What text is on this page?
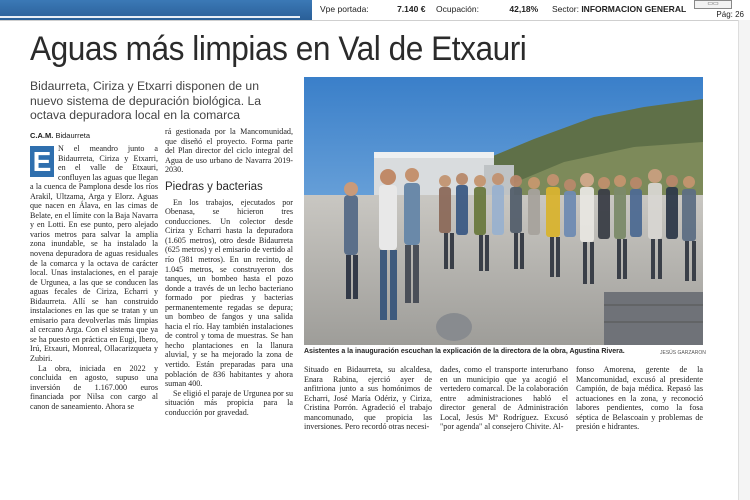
Vpe portada:	7.140 € Ocupación:	42,18% Sector: INFORMACION GENERAL	▭▭
Pág: 26
Aguas más limpias en Val de Etxauri
Bidaurreta, Ciriza y Etxarri disponen de un nuevo sistema de depuración biológica. La octava depuradora local en la comarca
C.A.M. Bidaurreta
E N el meandro junto a Bidaurreta, Ciriza y Etxarri, en el valle de Etxauri, confluyen las aguas que llegan a la cuenca de Pamplona desde los ríos Arakil, Ultzama, Arga y Elorz. Aguas que nacen en Álava, en las cimas de Belate, en el límite con la Baja Navarra y en Lotti. En ese punto, pero alejado varios metros para salvar la amplia zona inundable, se ha instalado la novena depuradora de aguas residuales de la comarca y la octava de carácter local. Unas instalaciones, en el paraje de Urgunea, a las que se conducen las aguas fecales de Ciriza, Echarri y Bidaurreta. Allí se han construido instalaciones en las que se tratan y un emisario para devolverlas más limpias al cercano Arga. Con el sistema que ya se ha puesto en práctica en Eugi, Ibero, Irú, Etxauri, Monreal, Ollacarizqueta y Zubiri.

La obra, iniciada en 2022 y concluida en agosto, supuso una inversión de 1.167.000 euros financiada por Nilsa con cargo al canon de saneamiento. Ahora se

rá gestionada por la Mancomunidad, que diseñó el proyecto. Forma parte del Plan director del ciclo integral del Agua de uso urbano de Navarra 2019-2030.

Piedras y bacterias

En los trabajos, ejecutados por Obenasa, se hicieron tres conducciones. Un colector desde Ciriza y Echarri hasta la depuradora (1.605 metros), otro desde Bidaurreta (625 metros) y el emisario de vertido al río (381 metros). En un recinto, de 1.045 metros, se construyeron dos tanques, un bombeo hasta el pozo donde a través de un lecho bacteriano formado por piedras y bacterias permanentemente regadas se depura; un bombeo de fangos y una salida hacia el río. Hay también instalaciones de control y toma de muestras. Se han hecho plantaciones en la llanura aluvial, y se ha mejorado la zona de vertido. Están preparadas para una población de 836 habitantes y ahora suman 400.

Se eligió el paraje de Urgunea por su situación más propicia para la conducción por gravedad.

JESÚS GARZARON
Asistentes a la inauguración escuchan la explicación de la directora de la obra, Agustina Rivera.

Situado en Bidaurreta, su alcaldesa, Enara Rabina, ejerció ayer de anfitriona junto a sus homónimos de Echarri, José María Odériz, y Ciriza, Cristina Porrón. Agradeció el trabajo mancomunado, que propicia las inversiones. Pero recordó otras necesi-

dades, como el transporte interurbano en un municipio que ya acogió el vertedero comarcal. De la colaboración entre administraciones habló el director general de Administración Local, Jesús Mª Rodríguez. Excusó "por agenda" al consejero Chivite. Al-

fonso Amorena, gerente de la Mancomunidad, excusó al presidente Campión, de baja médica. Repasó las actuaciones en la zona, y reconoció labores pendientes, como la fosa séptica de Belascoain y problemas de presión e hidrantes.
